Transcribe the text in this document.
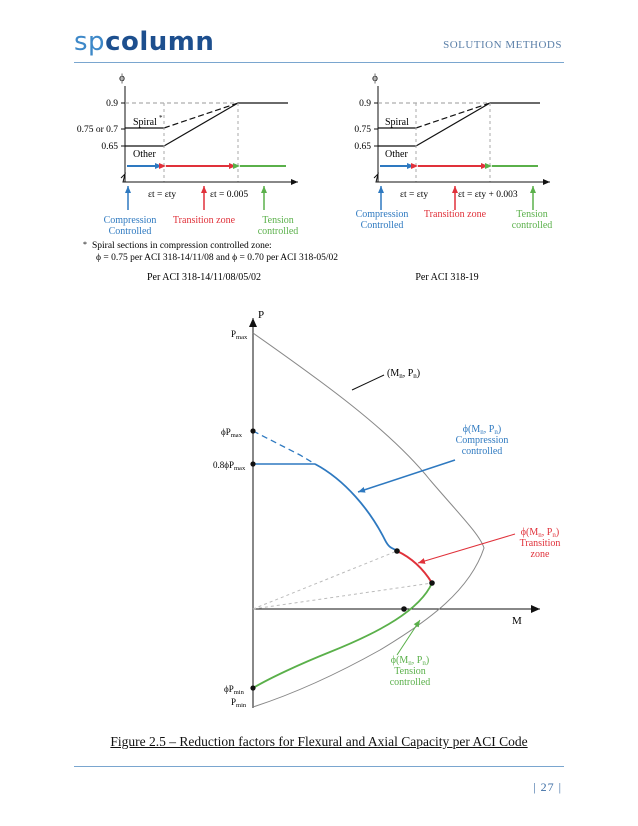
spcolumn	SOLUTION METHODS
ϕ
0.9
0.75 or 0.7
0.65
Spiral *
Other
εt = εty	εt = 0.005
Compression
Controlled
Transition zone	Tension
controlled
* Spiral sections in compression controlled zone:
ϕ = 0.75 per ACI 318-14/11/08 and ϕ = 0.70 per ACI 318-05/02
Per ACI 318-14/11/08/05/02
ϕ
0.9
0.75
0.65
Spiral
Other
εt = εty	εt = εty + 0.003
Compression
Controlled
Transition zone	Tension
controlled
Per ACI 318-19
P
M
$P_{max}$
$\phi P_{max}$
$0.8\phi P_{max}$
$\phi P_{min}$
$P_{min}$
($M_n$, $P_n$)
$\phi(M_n$, $P_n$)
Compression
controlled
$\phi(M_n$, $P_n$)
Transition
zone
$\phi(M_n$, $P_n$)
Tension
controlled
Figure 2.5 – Reduction factors for Flexural and Axial Capacity per ACI Code
| 27 |
